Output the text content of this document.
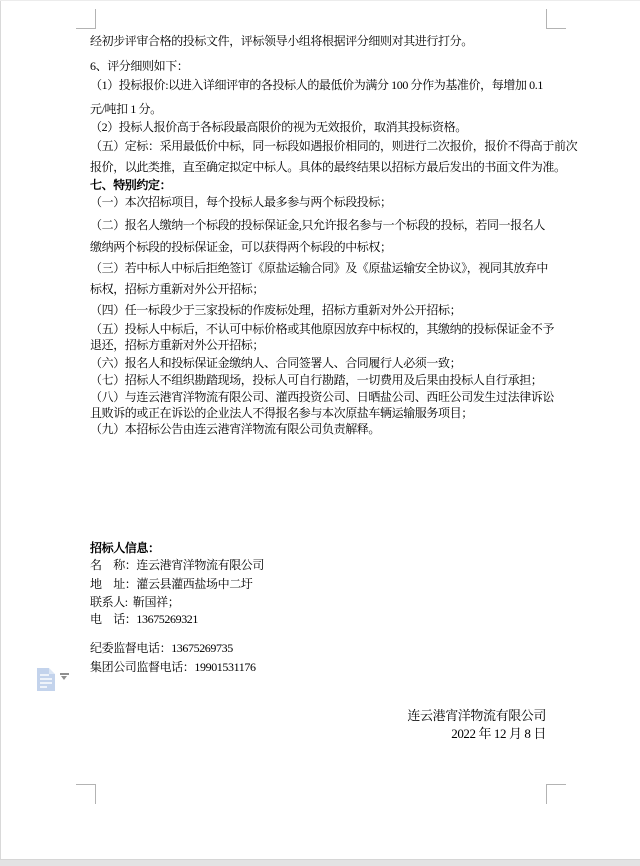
经初步评审合格的投标文件，评标领导小组将根据评分细则对其进行打分。
6、评分细则如下：
（1）投标报价:以进入详细评审的各投标人的最低价为满分 100 分作为基准价，每增加 0.1
元/吨扣 1 分。
（2）投标人报价高于各标段最高限价的视为无效报价，取消其投标资格。
（五）定标：采用最低价中标，同一标段如遇报价相同的，则进行二次报价，报价不得高于前次
报价，以此类推，直至确定拟定中标人。具体的最终结果以招标方最后发出的书面文件为准。
七、特别约定：
（一）本次招标项目，每个投标人最多参与两个标段投标；
（二）报名人缴纳一个标段的投标保证金,只允许报名参与一个标段的投标，若同一报名人
缴纳两个标段的投标保证金，可以获得两个标段的中标权；
（三）若中标人中标后拒绝签订《原盐运输合同》及《原盐运输安全协议》，视同其放弃中
标权，招标方重新对外公开招标；
（四）任一标段少于三家投标的作废标处理，招标方重新对外公开招标；
（五）投标人中标后，不认可中标价格或其他原因放弃中标权的，其缴纳的投标保证金不予
退还，招标方重新对外公开招标；
（六）报名人和投标保证金缴纳人、合同签署人、合同履行人必须一致；
（七）招标人不组织勘踏现场，投标人可自行勘踏，一切费用及后果由投标人自行承担；
（八）与连云港宵洋物流有限公司、灌西投资公司、日晒盐公司、西旺公司发生过法律诉讼
且败诉的或正在诉讼的企业法人不得报名参与本次原盐车辆运输服务项目；
（九）本招标公告由连云港宵洋物流有限公司负责解释。
招标人信息：
名　称：连云港宵洋物流有限公司
地　址：灌云县灌西盐场中二圩
联系人:  靳国祥；
电　话：13675269321
纪委监督电话：13675269735
集团公司监督电话：19901531176
连云港宵洋物流有限公司
2022 年 12 月 8 日
